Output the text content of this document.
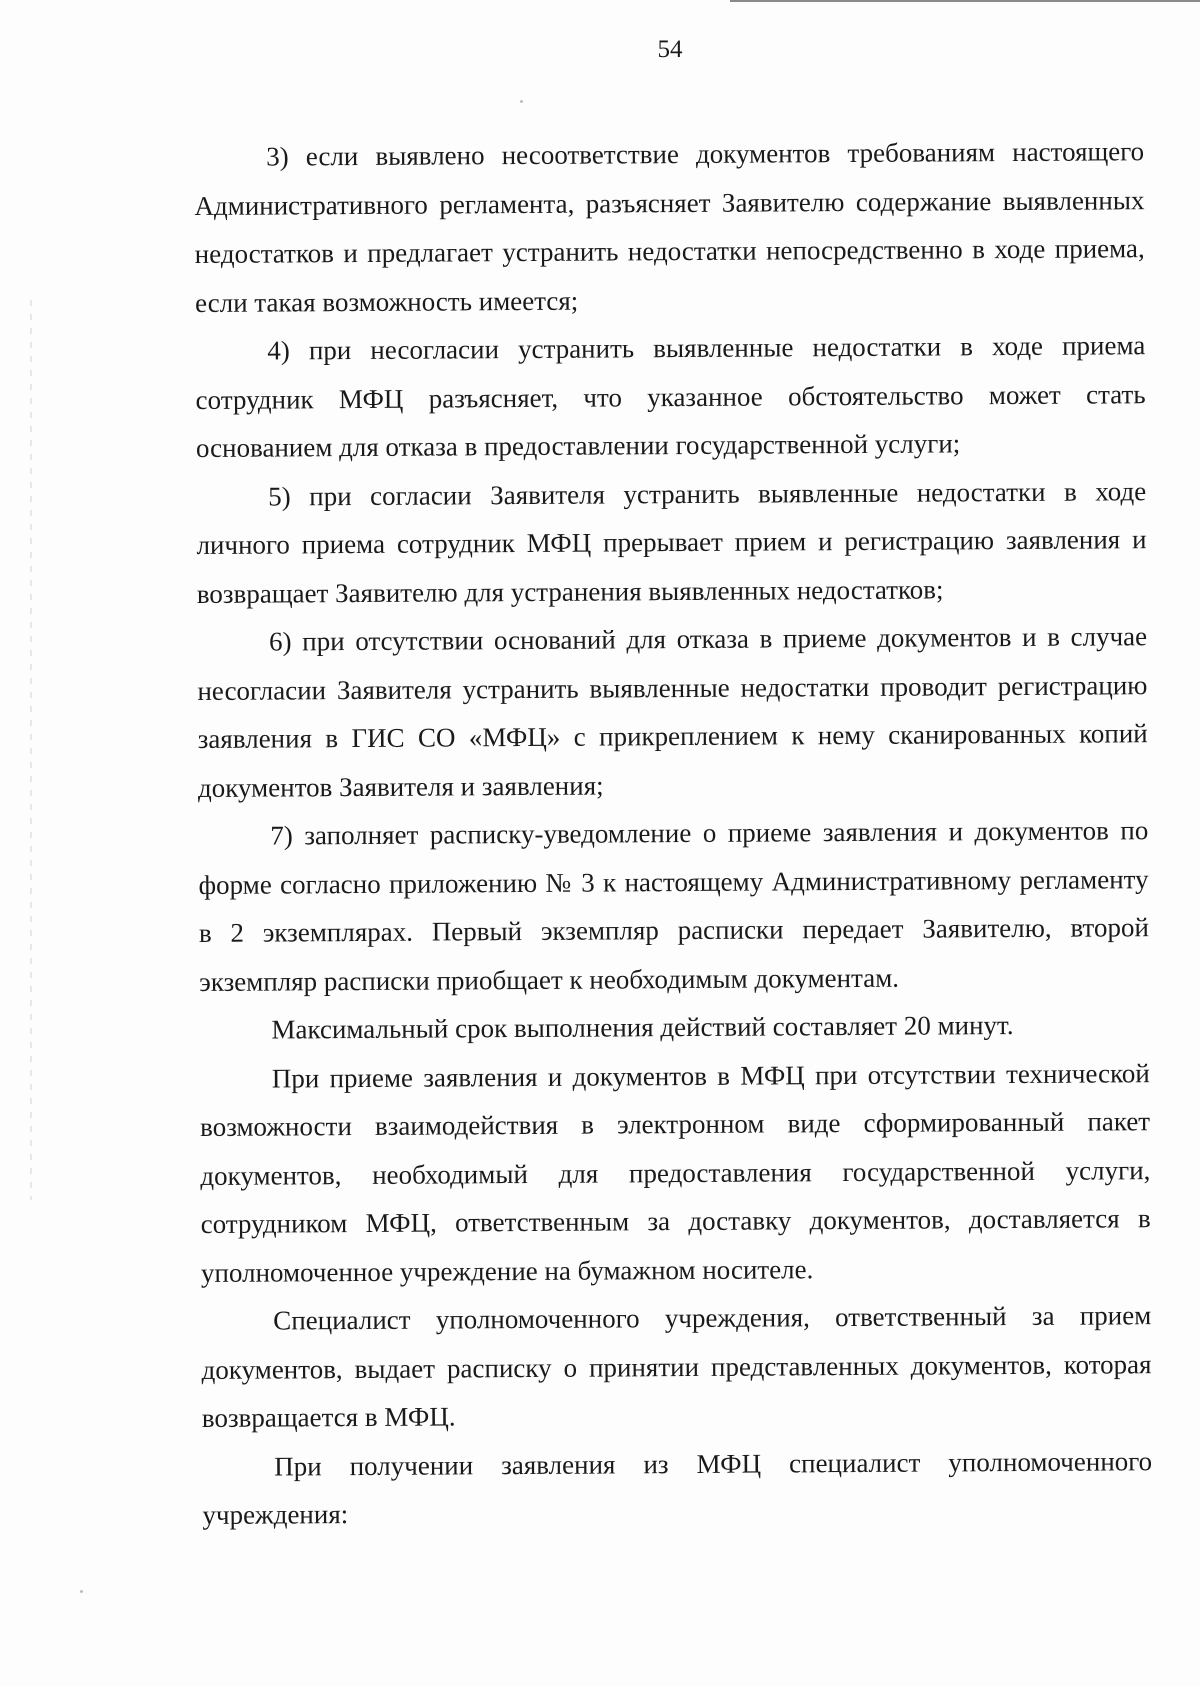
54

3) если выявлено несоответствие документов требованиям настоящего Административного регламента, разъясняет Заявителю содержание выявленных недостатков и предлагает устранить недостатки непосредственно в ходе приема, если такая возможность имеется;

4) при несогласии устранить выявленные недостатки в ходе приема сотрудник МФЦ разъясняет, что указанное обстоятельство может стать основанием для отказа в предоставлении государственной услуги;

5) при согласии Заявителя устранить выявленные недостатки в ходе личного приема сотрудник МФЦ прерывает прием и регистрацию заявления и возвращает Заявителю для устранения выявленных недостатков;

6) при отсутствии оснований для отказа в приеме документов и в случае несогласии Заявителя устранить выявленные недостатки проводит регистрацию заявления в ГИС СО «МФЦ» с прикреплением к нему сканированных копий документов Заявителя и заявления;

7) заполняет расписку-уведомление о приеме заявления и документов по форме согласно приложению № 3 к настоящему Административному регламенту в 2 экземплярах. Первый экземпляр расписки передает Заявителю, второй экземпляр расписки приобщает к необходимым документам.

Максимальный срок выполнения действий составляет 20 минут.

При приеме заявления и документов в МФЦ при отсутствии технической возможности взаимодействия в электронном виде сформированный пакет документов, необходимый для предоставления государственной услуги, сотрудником МФЦ, ответственным за доставку документов, доставляется в уполномоченное учреждение на бумажном носителе.

Специалист уполномоченного учреждения, ответственный за прием документов, выдает расписку о принятии представленных документов, которая возвращается в МФЦ.

При получении заявления из МФЦ специалист уполномоченного учреждения:
